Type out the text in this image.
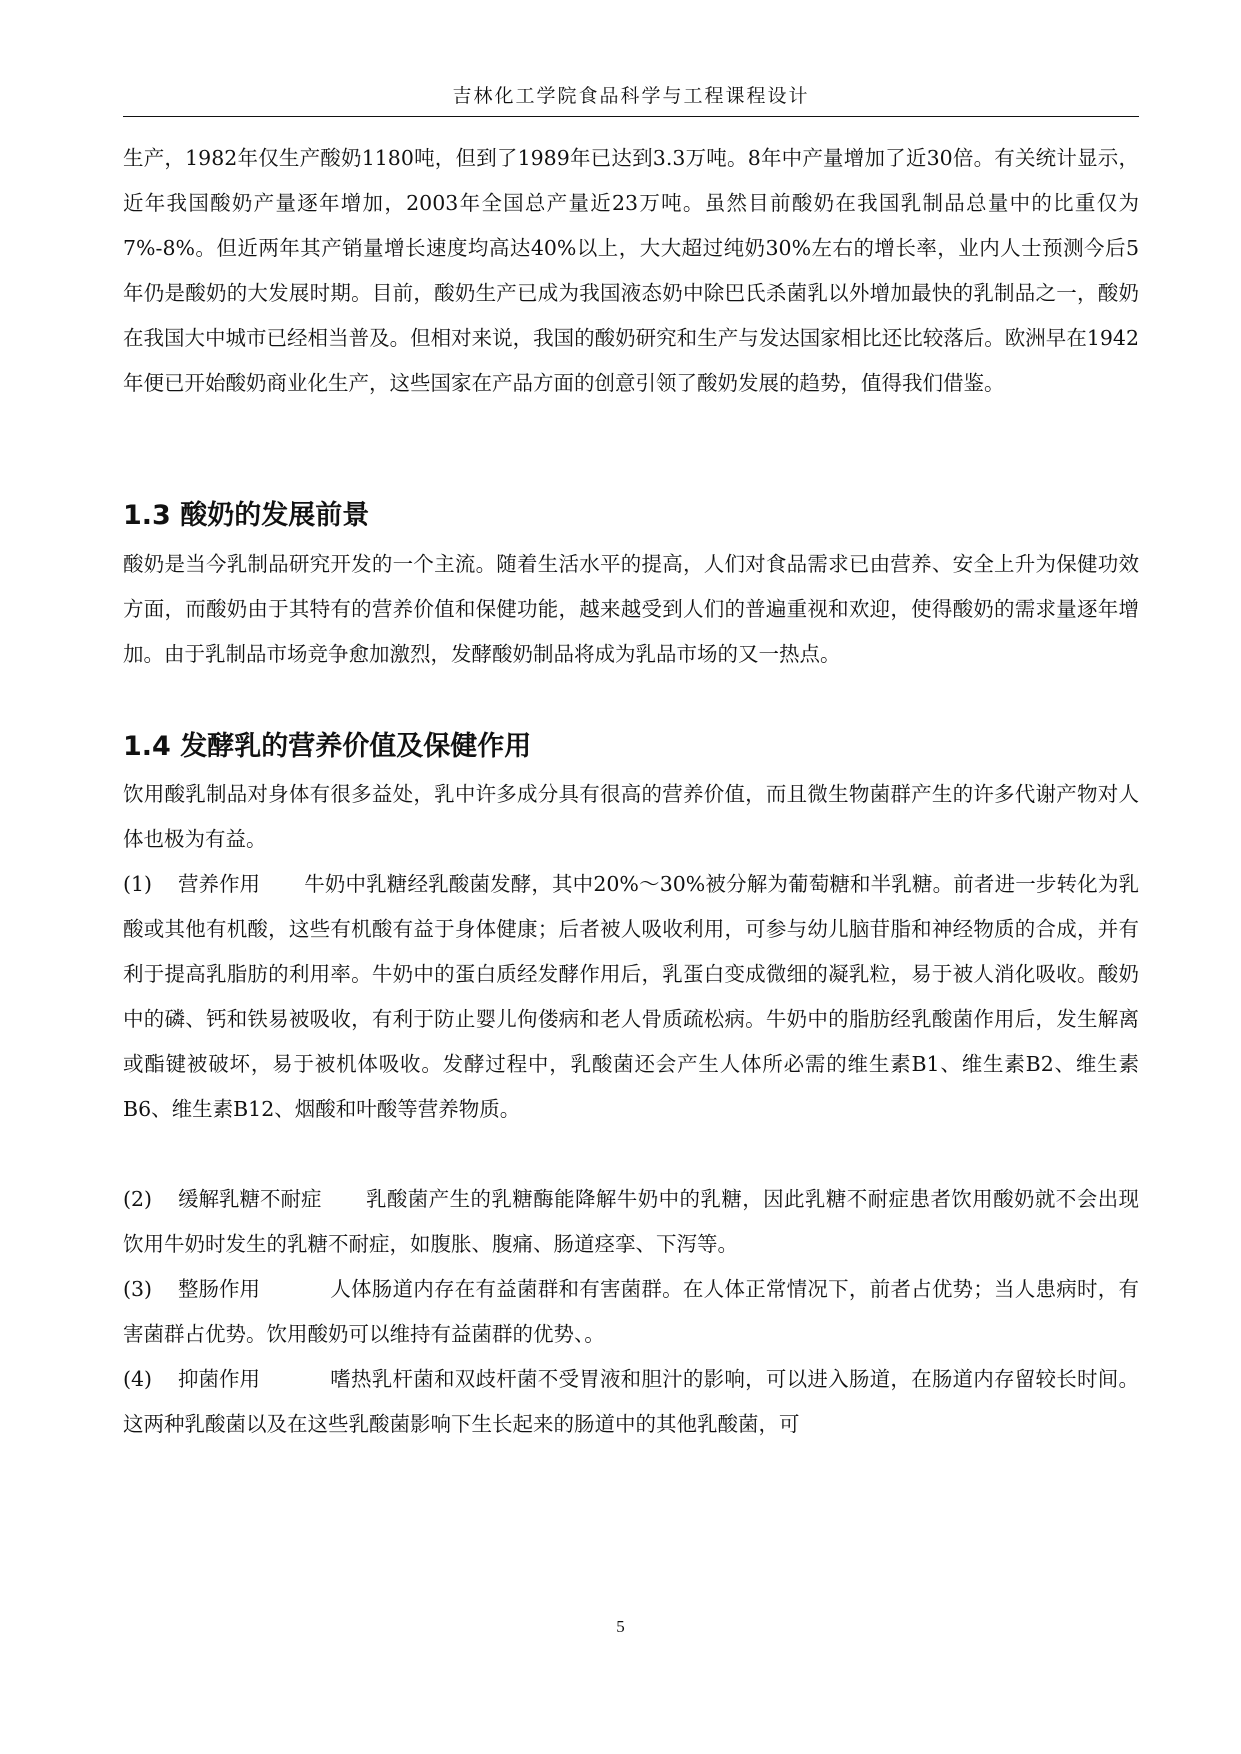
吉林化工学院食品科学与工程课程设计

生产，1982年仅生产酸奶1180吨，但到了1989年已达到3.3万吨。8年中产量增加了近30倍。有关统计显示，近年我国酸奶产量逐年增加，2003年全国总产量近23万吨。虽然目前酸奶在我国乳制品总量中的比重仅为7%-8%。但近两年其产销量增长速度均高达40%以上，大大超过纯奶30%左右的增长率，业内人士预测今后5年仍是酸奶的大发展时期。目前，酸奶生产已成为我国液态奶中除巴氏杀菌乳以外增加最快的乳制品之一，酸奶在我国大中城市已经相当普及。但相对来说，我国的酸奶研究和生产与发达国家相比还比较落后。欧洲早在1942年便已开始酸奶商业化生产，这些国家在产品方面的创意引领了酸奶发展的趋势，值得我们借鉴。

1.3 酸奶的发展前景

酸奶是当今乳制品研究开发的一个主流。随着生活水平的提高，人们对食品需求已由营养、安全上升为保健功效方面，而酸奶由于其特有的营养价值和保健功能，越来越受到人们的普遍重视和欢迎，使得酸奶的需求量逐年增加。由于乳制品市场竞争愈加激烈，发酵酸奶制品将成为乳品市场的又一热点。

1.4 发酵乳的营养价值及保健作用

饮用酸乳制品对身体有很多益处，乳中许多成分具有很高的营养价值，而且微生物菌群产生的许多代谢产物对人体也极为有益。

(1) 营养作用 牛奶中乳糖经乳酸菌发酵，其中20%～30%被分解为葡萄糖和半乳糖。前者进一步转化为乳酸或其他有机酸，这些有机酸有益于身体健康；后者被人吸收利用，可参与幼儿脑苷脂和神经物质的合成，并有利于提高乳脂肪的利用率。牛奶中的蛋白质经发酵作用后，乳蛋白变成微细的凝乳粒，易于被人消化吸收。酸奶中的磷、钙和铁易被吸收，有利于防止婴儿佝偻病和老人骨质疏松病。牛奶中的脂肪经乳酸菌作用后，发生解离或酯键被破坏，易于被机体吸收。发酵过程中，乳酸菌还会产生人体所必需的维生素B1、维生素B2、维生素B6、维生素B12、烟酸和叶酸等营养物质。
(2) 缓解乳糖不耐症 乳酸菌产生的乳糖酶能降解牛奶中的乳糖，因此乳糖不耐症患者饮用酸奶就不会出现饮用牛奶时发生的乳糖不耐症，如腹胀、腹痛、肠道痉挛、下泻等。
(3) 整肠作用	人体肠道内存在有益菌群和有害菌群。在人体正常情况下，前者占优势；当人患病时，有害菌群占优势。饮用酸奶可以维持有益菌群的优势、。
(4) 抑菌作用	嗜热乳杆菌和双歧杆菌不受胃液和胆汁的影响，可以进入肠道，在肠道内存留较长时间。这两种乳酸菌以及在这些乳酸菌影响下生长起来的肠道中的其他乳酸菌，可
5
